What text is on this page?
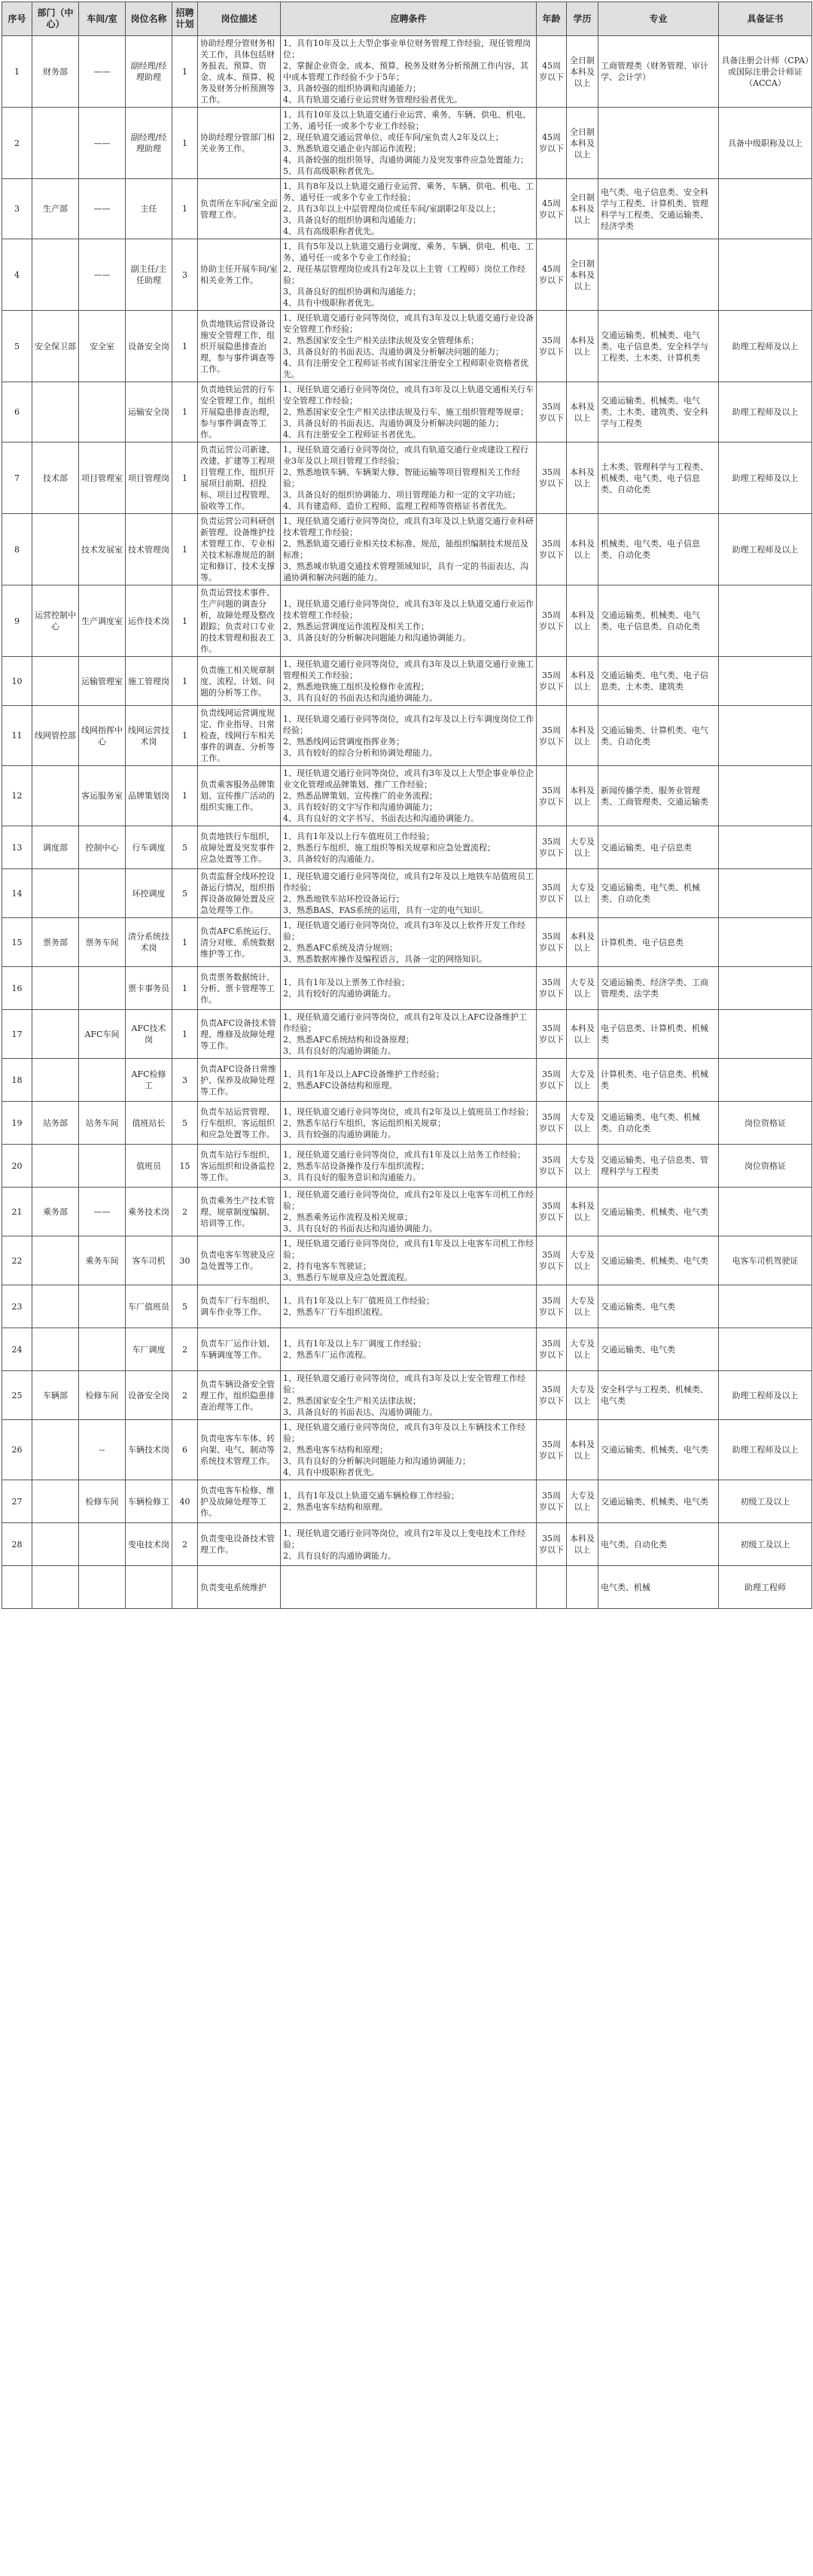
序号	部门（中心）	车间/室	岗位名称	招聘计划	岗位描述	应聘条件	年龄	学历	专业	具备证书
1	财务部	——	副经理/经理助理	1	协助经理分管财务相关工作，具体包括财务报表、预算、资金、成本、预算、税务及财务分析预测等工作。	1、具有10年及以上大型企事业单位财务管理工作经验，现任管理岗位；
2、掌握企业资金、成本、预算、税务及财务分析预测工作内容，其中成本管理工作经验不少于5年；
3、具备较强的组织协调和沟通能力；
4、具有轨道交通行业运营财务管理经验者优先。	45周岁以下	全日制本科及以上	工商管理类（财务管理、审计学、会计学）	具备注册会计师（CPA）或国际注册会计师证（ACCA）
2		——	副经理/经理助理	1	协助经理分管部门相关业务工作。	1、具有10年及以上轨道交通行业运营、乘务、车辆、供电、机电、工务、通号任一或多个专业工作经验；
2、现任轨道交通运营单位、或任车间/室负责人2年及以上；
3、熟悉轨道交通企业内部运作流程；
4、具备较强的组织领导、沟通协调能力及突发事件应急处置能力；
5、具有高级职称者优先。	45周岁以下	全日制本科及以上		具备中级职称及以上
3	生产部	——	主任	1	负责所在车间/室全面管理工作。	1、具有8年及以上轨道交通行业运营、乘务、车辆、供电、机电、工务、通号任一或多个专业工作经验；
2、具有3年以上中层管理岗位或任车间/室副职2年及以上；
3、具备良好的组织协调和沟通能力；
4、具有高级职称者优先。	45周岁以下	全日制本科及以上	电气类、电子信息类、安全科学与工程类、计算机类、管理科学与工程类、交通运输类、经济学类	
4		——	副主任/主任助理	3	协助主任开展车间/室相关业务工作。	1、具有5年及以上轨道交通行业调度、乘务、车辆、供电、机电、工务、通号任一或多个专业工作经验；
2、现任基层管理岗位或具有2年及以上主管（工程师）岗位工作经验；
3、具备良好的组织协调和沟通能力；
4、具有中级职称者优先。	45周岁以下	全日制本科及以上		
5	安全保卫部	安全室	设备安全岗	1	负责地铁运营设备设施安全管理工作，组织开展隐患排查治理，参与事件调查等工作。	1、现任轨道交通行业同等岗位，或具有3年及以上轨道交通行业设备安全管理工作经验；
2、熟悉国家安全生产相关法律法规及安全管理体系；
3、具备良好的书面表达、沟通协调及分析解决问题的能力；
4、具有注册安全工程师证书或有国家注册安全工程师职业资格者优先。	35周岁以下	本科及以上	交通运输类、机械类、电气类、电子信息类、安全科学与工程类、土木类、计算机类	助理工程师及以上
6			运输安全岗	1	负责地铁运营的行车安全管理工作，组织开展隐患排查治理，参与事件调查等工作。	1、现任轨道交通行业同等岗位，或具有3年及以上轨道交通相关行车安全管理工作经验；
2、熟悉国家安全生产相关法律法规及行车、施工组织管理等规章；
3、具备良好的书面表达、沟通协调及分析解决问题的能力；
4、具有注册安全工程师证书者优先。	35周岁以下	本科及以上	交通运输类、机械类、电气类、土木类、建筑类、安全科学与工程类	助理工程师及以上
7	技术部	项目管理室	项目管理岗	1	负责运营公司新建、改建、扩建等工程项目管理工作，组织开展项目前期、招投标、项目过程管理、验收等工作。	1、现任轨道交通行业同等岗位，或具有轨道交通行业或建设工程行业3年及以上项目管理工作经验；
2、熟悉地铁车辆、车辆架大修、智能运输等项目管理相关工作经验；
3、具备良好的组织协调能力、项目管理能力和一定的文字功底；
4、具有建造师、造价工程师、监理工程师等资格证书者优先。	35周岁以下	本科及以上	土木类、管理科学与工程类、机械类、电气类、电子信息类、自动化类	助理工程师及以上
8		技术发展室	技术管理岗	1	负责运营公司科研创新管理、设备维护技术管理工作、专业相关技术标准规范的制定和修订、技术支撑等。	1、现任轨道交通行业同等岗位，或具有3年及以上轨道交通行业科研技术管理工作经验；
2、熟悉轨道交通行业相关技术标准、规范，能组织编制技术规范及标准；
3、熟悉城市轨道交通技术管理领域知识，具有一定的书面表达、沟通协调和解决问题的能力。	35周岁以下	本科及以上	机械类、电气类、电子信息类、自动化类	助理工程师及以上
9	运营控制中心	生产调度室	运作技术岗	1	负责运营技术事件、生产问题的调查分析，故障处理及整改跟踪；负责对口专业的技术管理和报表工作。	1、现任轨道交通行业同等岗位，或具有3年及以上轨道交通行业运作技术管理工作经验；
2、熟悉运营调度运作流程及相关工作；
3、具备良好的分析解决问题能力和沟通协调能力。	35周岁以下	本科及以上	交通运输类、机械类、电气类、电子信息类、自动化类	
10		运输管理室	施工管理岗	1	负责施工相关规章制度、流程、计划、问题的分析等工作。	1、现任轨道交通行业同等岗位，或具有3年及以上轨道交通行业施工管理相关工作经验；
2、熟悉地铁施工组织及检修作业流程；
3、具有良好的书面表达和沟通协调能力。	35周岁以下	本科及以上	交通运输类、电气类、电子信息类、土木类、建筑类	
11	线网管控部	线网指挥中心	线网运营技术岗	1	负责线网运营调度规定、作业指导、日常检查，线网行车相关事件的调查、分析等工作。	1、现任轨道交通行业同等岗位，或具有2年及以上行车调度岗位工作经验；
2、熟悉线网运营调度指挥业务；
3、具有较好的综合分析和协调处理能力。	35周岁以下	本科及以上	交通运输类、计算机类、电气类、自动化类	
12		客运服务室	品牌策划岗	1	负责乘客服务品牌策划、宣传推广活动的组织实施工作。	1、现任轨道交通行业同等岗位，或具有3年及以上大型企事业单位企业文化管理或品牌策划、推广工作经验；
2、熟悉品牌策划、宣传推广的业务流程；
3、具有较好的文字写作和沟通协调能力；
4、具有良好的文字书写、书面表达和沟通协调能力。	35周岁以下	本科及以上	新闻传播学类、服务业管理类、工商管理类、交通运输类	
13	调度部	控制中心	行车调度	5	负责地铁行车组织，故障处置及突发事件应急处置等工作。	1、具有1年及以上行车值班员工作经验；
2、熟悉行车组织、施工组织等相关规章和应急处置流程；
3、具备较好的沟通能力。	35周岁以下	大专及以上	交通运输类、电子信息类	
14			环控调度	5	负责监督全线环控设备运行情况，组织指挥设备故障处置及应急处理等工作。	1、现任轨道交通行业同等岗位，或具有2年及以上地铁车站值班员工作经验；
2、熟悉地铁车站环控设备运行；
3、熟悉BAS、FAS系统的运用，具有一定的电气知识。	35周岁以下	大专及以上	交通运输类、电气类、机械类、自动化类	
15	票务部	票务车间	清分系统技术岗	1	负责AFC系统运行、清分对账、系统数据维护等工作。	1、现任轨道交通行业同等岗位，或具有3年及以上软件开发工作经验；
2、熟悉AFC系统及清分规则；
3、熟悉数据库操作及编程语言，具备一定的网络知识。	35周岁以下	本科及以上	计算机类、电子信息类	
16			票卡事务员	1	负责票务数据统计、分析、票卡管理等工作。	1、具有1年及以上票务工作经验；
2、具有较好的沟通协调能力。	35周岁以下	大专及以上	交通运输类、经济学类、工商管理类、法学类	
17		AFC车间	AFC技术岗	1	负责AFC设备技术管理、维修及故障处理等工作。	1、现任轨道交通行业同等岗位，或具有2年及以上AFC设备维护工作经验；
2、熟悉AFC系统结构和设备原理；
3、具有良好的沟通协调能力。	35周岁以下	本科及以上	电子信息类、计算机类、机械类	
18			AFC检修工	3	负责AFC设备日常维护、保养及故障处理等工作。	1、具有1年及以上AFC设备维护工作经验；
2、熟悉AFC设备结构和原理。	35周岁以下	大专及以上	计算机类、电子信息类、机械类	
19	站务部	站务车间	值班站长	5	负责车站运营管理、行车组织、客运组织和应急处置等工作。	1、现任轨道交通行业同等岗位，或具有2年及以上值班员工作经验；
2、熟悉车站行车组织、客运组织相关规章；
3、具有较强的沟通协调能力。	35周岁以下	大专及以上	交通运输类、电气类、机械类、自动化类	岗位资格证
20			值班员	15	负责车站行车组织、客运组织和设备监控等工作。	1、现任轨道交通行业同等岗位，或具有1年及以上站务工作经验；
2、熟悉车站设备操作及行车组织流程；
3、具有良好的服务意识和沟通能力。	35周岁以下	大专及以上	交通运输类、电子信息类、管理科学与工程类	岗位资格证
21	乘务部	——	乘务技术岗	2	负责乘务生产技术管理、规章制度编制、培训等工作。	1、现任轨道交通行业同等岗位，或具有2年及以上电客车司机工作经验；
2、熟悉乘务运作流程及相关规章；
3、具有良好的书面表达和沟通协调能力。	35周岁以下	本科及以上	交通运输类、机械类、电气类	
22		乘务车间	客车司机	30	负责电客车驾驶及应急处置等工作。	1、现任轨道交通行业同等岗位，或具有1年及以上电客车司机工作经验；
2、持有电客车驾驶证；
3、熟悉行车规章及应急处置流程。	35周岁以下	大专及以上	交通运输类、机械类、电气类	电客车司机驾驶证
23			车厂值班员	5	负责车厂行车组织、调车作业等工作。	1、具有1年及以上车厂值班员工作经验；
2、熟悉车厂行车组织流程。	35周岁以下	大专及以上	交通运输类、电气类	
24			车厂调度	2	负责车厂运作计划、车辆调度等工作。	1、具有1年及以上车厂调度工作经验；
2、熟悉车厂运作流程。	35周岁以下	大专及以上	交通运输类、电气类	
25	车辆部	检修车间	设备安全岗	2	负责车辆设备安全管理工作，组织隐患排查治理等工作。	1、现任轨道交通行业同等岗位，或具有3年及以上安全管理工作经验；
2、熟悉国家安全生产相关法律法规；
3、具备良好的书面表达、沟通协调能力。	35周岁以下	大专及以上	安全科学与工程类、机械类、电气类	助理工程师及以上
26		--	车辆技术岗	6	负责电客车车体、转向架、电气、制动等系统技术管理工作。	1、现任轨道交通行业同等岗位，或具有3年及以上车辆技术工作经验；
2、熟悉电客车结构和原理；
3、具有良好的分析解决问题能力和沟通协调能力；
4、具有中级职称者优先。	35周岁以下	本科及以上	交通运输类、机械类、电气类	助理工程师及以上
27		检修车间	车辆检修工	40	负责电客车检修、维护及故障处理等工作。	1、具有1年及以上轨道交通车辆检修工作经验；
2、熟悉电客车结构和原理。	35周岁以下	大专及以上	交通运输类、机械类、电气类	初级工及以上
28			变电技术岗	2	负责变电设备技术管理工作。	1、现任轨道交通行业同等岗位，或具有2年及以上变电技术工作经验；
2、具有良好的沟通协调能力。	35周岁以下	本科及以上	电气类、自动化类	初级工及以上
					负责变电系统维护				电气类、机械	助理工程师
